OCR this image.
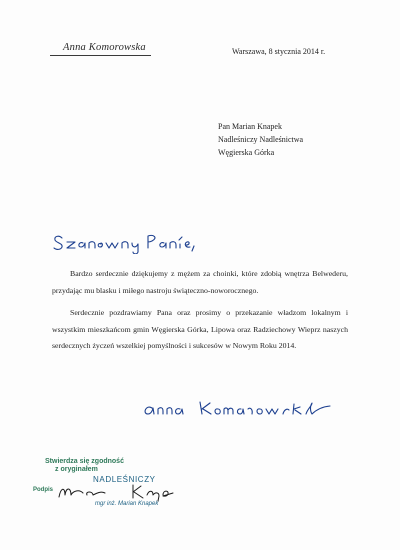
Anna Komorowska	Warszawa, 8 stycznia 2014 r.
Pan Marian Knapek
Nadleśniczy Nadleśnictwa
Węgierska Górka

Bardzo serdecznie dziękujemy z mężem za choinki, które zdobią wnętrza Belwederu, przydając mu blasku i miłego nastroju świąteczno-noworocznego.

Serdecznie pozdrawiamy Pana oraz prosimy o przekazanie władzom lokalnym i wszystkim mieszkańcom gmin Węgierska Górka, Lipowa oraz Radziechowy Wieprz naszych serdecznych życzeń wszelkiej pomyślności i sukcesów w Nowym Roku 2014.

Stwierdza się zgodność
z oryginałem
NADLEŚNICZY
Podpis
mgr inż. Marian Knapek
